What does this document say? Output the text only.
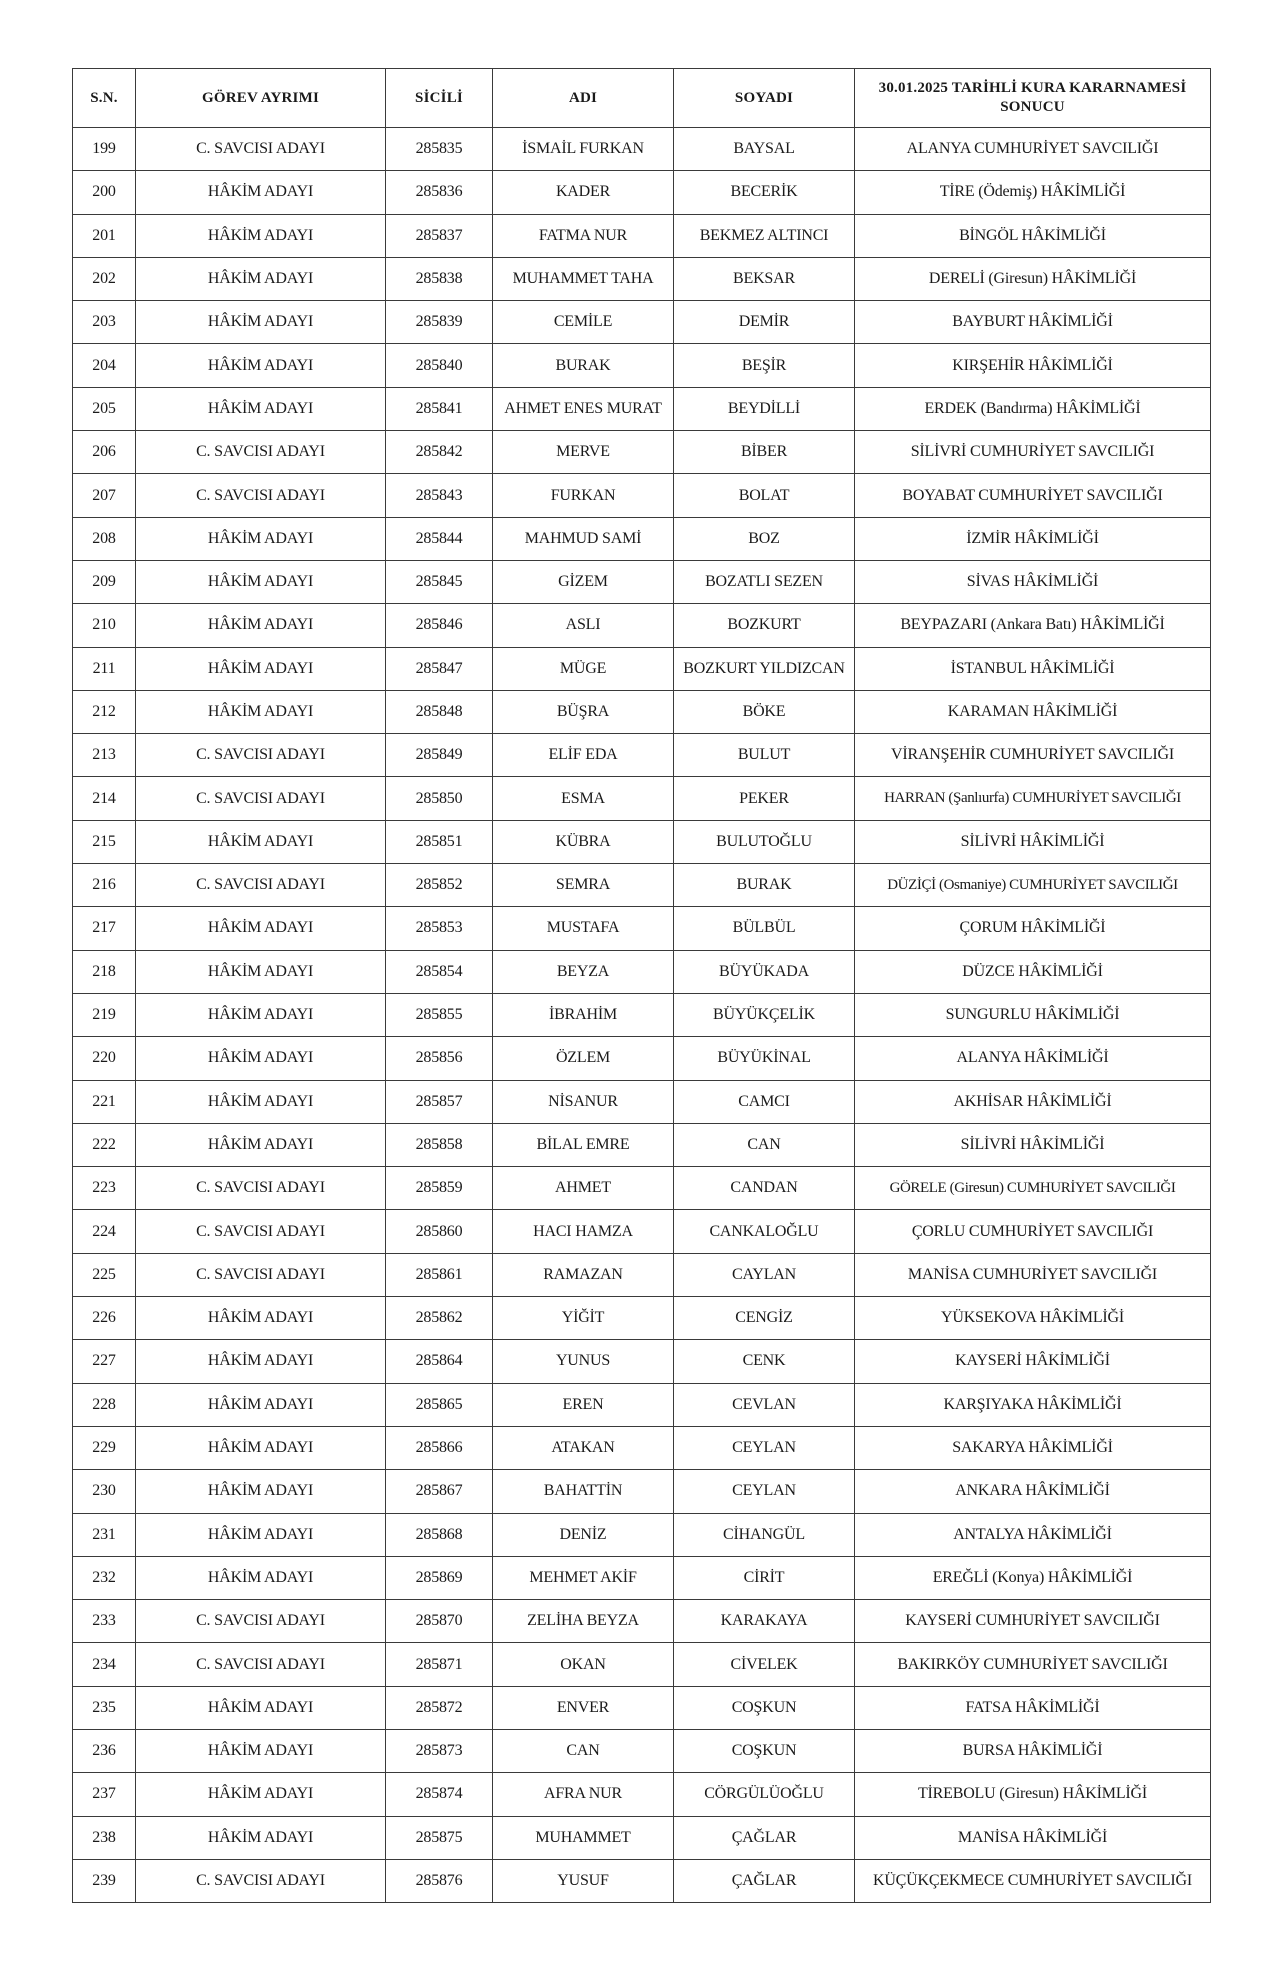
S.N.	GÖREV AYRIMI	SİCİLİ	ADI	SOYADI	30.01.2025 TARİHLİ KURA KARARNAMESİ SONUCU
199	C. SAVCISI ADAYI	285835	İSMAİL FURKAN	BAYSAL	ALANYA CUMHURİYET SAVCILIĞI
200	HÂKİM ADAYI	285836	KADER	BECERİK	TİRE (Ödemiş) HÂKİMLİĞİ
201	HÂKİM ADAYI	285837	FATMA NUR	BEKMEZ ALTINCI	BİNGÖL HÂKİMLİĞİ
202	HÂKİM ADAYI	285838	MUHAMMET TAHA	BEKSAR	DERELİ (Giresun) HÂKİMLİĞİ
203	HÂKİM ADAYI	285839	CEMİLE	DEMİR	BAYBURT HÂKİMLİĞİ
204	HÂKİM ADAYI	285840	BURAK	BEŞİR	KIRŞEHİR HÂKİMLİĞİ
205	HÂKİM ADAYI	285841	AHMET ENES MURAT	BEYDİLLİ	ERDEK (Bandırma) HÂKİMLİĞİ
206	C. SAVCISI ADAYI	285842	MERVE	BİBER	SİLİVRİ CUMHURİYET SAVCILIĞI
207	C. SAVCISI ADAYI	285843	FURKAN	BOLAT	BOYABAT CUMHURİYET SAVCILIĞI
208	HÂKİM ADAYI	285844	MAHMUD SAMİ	BOZ	İZMİR HÂKİMLİĞİ
209	HÂKİM ADAYI	285845	GİZEM	BOZATLI SEZEN	SİVAS HÂKİMLİĞİ
210	HÂKİM ADAYI	285846	ASLI	BOZKURT	BEYPAZARI (Ankara Batı) HÂKİMLİĞİ
211	HÂKİM ADAYI	285847	MÜGE	BOZKURT YILDIZCAN	İSTANBUL HÂKİMLİĞİ
212	HÂKİM ADAYI	285848	BÜŞRA	BÖKE	KARAMAN HÂKİMLİĞİ
213	C. SAVCISI ADAYI	285849	ELİF EDA	BULUT	VİRANŞEHİR CUMHURİYET SAVCILIĞI
214	C. SAVCISI ADAYI	285850	ESMA	PEKER	HARRAN (Şanlıurfa) CUMHURİYET SAVCILIĞI
215	HÂKİM ADAYI	285851	KÜBRA	BULUTOĞLU	SİLİVRİ HÂKİMLİĞİ
216	C. SAVCISI ADAYI	285852	SEMRA	BURAK	DÜZİÇİ (Osmaniye) CUMHURİYET SAVCILIĞI
217	HÂKİM ADAYI	285853	MUSTAFA	BÜLBÜL	ÇORUM HÂKİMLİĞİ
218	HÂKİM ADAYI	285854	BEYZA	BÜYÜKADA	DÜZCE HÂKİMLİĞİ
219	HÂKİM ADAYI	285855	İBRAHİM	BÜYÜKÇELİK	SUNGURLU HÂKİMLİĞİ
220	HÂKİM ADAYI	285856	ÖZLEM	BÜYÜKİNAL	ALANYA HÂKİMLİĞİ
221	HÂKİM ADAYI	285857	NİSANUR	CAMCI	AKHİSAR HÂKİMLİĞİ
222	HÂKİM ADAYI	285858	BİLAL EMRE	CAN	SİLİVRİ HÂKİMLİĞİ
223	C. SAVCISI ADAYI	285859	AHMET	CANDAN	GÖRELE (Giresun) CUMHURİYET SAVCILIĞI
224	C. SAVCISI ADAYI	285860	HACI HAMZA	CANKALOĞLU	ÇORLU CUMHURİYET SAVCILIĞI
225	C. SAVCISI ADAYI	285861	RAMAZAN	CAYLAN	MANİSA CUMHURİYET SAVCILIĞI
226	HÂKİM ADAYI	285862	YİĞİT	CENGİZ	YÜKSEKOVA HÂKİMLİĞİ
227	HÂKİM ADAYI	285864	YUNUS	CENK	KAYSERİ HÂKİMLİĞİ
228	HÂKİM ADAYI	285865	EREN	CEVLAN	KARŞIYAKA HÂKİMLİĞİ
229	HÂKİM ADAYI	285866	ATAKAN	CEYLAN	SAKARYA HÂKİMLİĞİ
230	HÂKİM ADAYI	285867	BAHATTİN	CEYLAN	ANKARA HÂKİMLİĞİ
231	HÂKİM ADAYI	285868	DENİZ	CİHANGÜL	ANTALYA HÂKİMLİĞİ
232	HÂKİM ADAYI	285869	MEHMET AKİF	CİRİT	EREĞLİ (Konya) HÂKİMLİĞİ
233	C. SAVCISI ADAYI	285870	ZELİHA BEYZA	KARAKAYA	KAYSERİ CUMHURİYET SAVCILIĞI
234	C. SAVCISI ADAYI	285871	OKAN	CİVELEK	BAKIRKÖY CUMHURİYET SAVCILIĞI
235	HÂKİM ADAYI	285872	ENVER	COŞKUN	FATSA HÂKİMLİĞİ
236	HÂKİM ADAYI	285873	CAN	COŞKUN	BURSA HÂKİMLİĞİ
237	HÂKİM ADAYI	285874	AFRA NUR	CÖRGÜLÜOĞLU	TİREBOLU (Giresun) HÂKİMLİĞİ
238	HÂKİM ADAYI	285875	MUHAMMET	ÇAĞLAR	MANİSA HÂKİMLİĞİ
239	C. SAVCISI ADAYI	285876	YUSUF	ÇAĞLAR	KÜÇÜKÇEKMECE CUMHURİYET SAVCILIĞI
